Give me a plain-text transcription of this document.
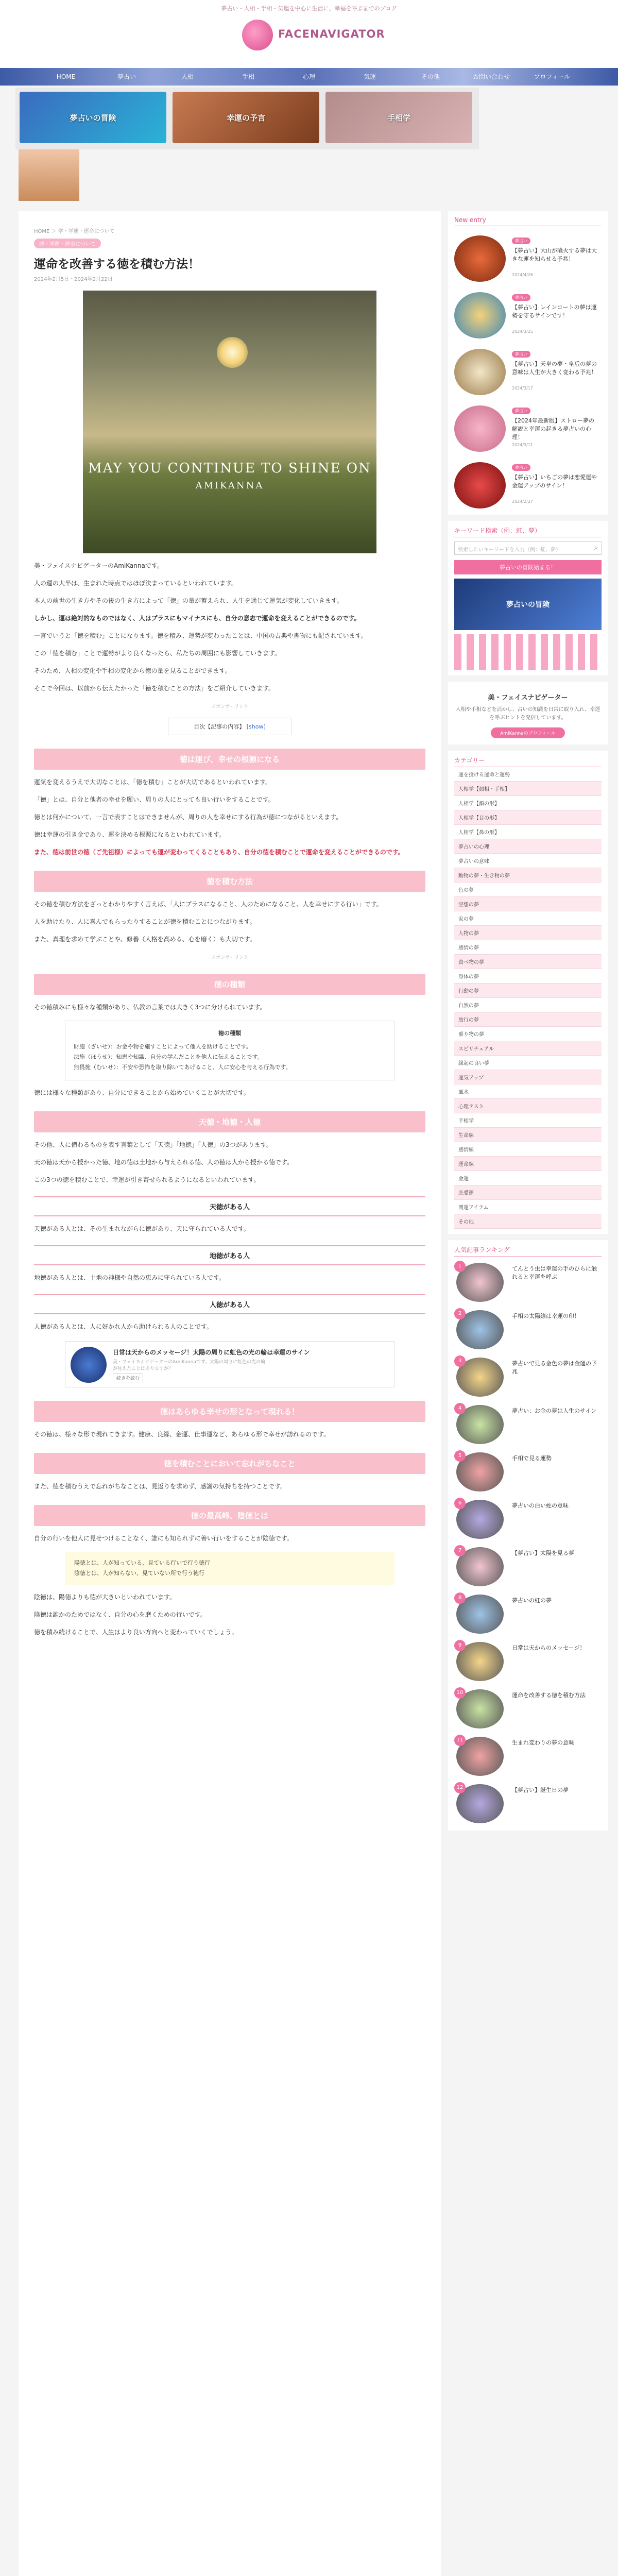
夢占い・人相・手相・気運を中心に生活に、幸福を呼ぶまでのブログ
FACENAVIGATOR
HOME	夢占い	人相	手相	心理	気運	その他	お問い合わせ	プロフィール
夢占いの冒険	幸運の予言	手相学
HOME ＞ 学・学運・運命について
運・学運・運命について
運命を改善する徳を積む方法！
2024年2月5日・2024年2月22日
MAY YOU CONTINUE TO SHINE ON
AMIKANNA
美・フェイスナビゲーターのAmiKannaです。
人の運の大半は、生まれた時点ではほぼ決まっているといわれています。
本人の前世の生き方やその後の生き方によって「徳」の量が蓄えられ、人生を通じて運気が変化していきます。
しかし、運は絶対的なものではなく、人はプラスにもマイナスにも、自分の意志で運命を変えることができるのです。
一言でいうと「徳を積む」ことになります。徳を積み、運勢が変わったことは、中国の古典や書物にも記されています。
この「徳を積む」ことで運勢がより良くなったら、私たちの周囲にも影響していきます。
そのため、人相の変化や手相の変化から徳の量を見ることができます。
そこで今回は、以前から伝えたかった「徳を積むことの方法」をご紹介していきます。
スポンサーリンク
目次【記事の内容】 [show]
徳は運び、幸せの根源になる
運気を変えるうえで大切なことは、「徳を積む」ことが大切であるといわれています。
「徳」とは、自分と他者の幸せを願い、周りの人にとっても良い行いをすることです。
徳とは何かについて、一言で表すことはできませんが、周りの人を幸せにする行為が徳につながるといえます。
徳は幸運の引き金であり、運を決める根源になるといわれています。
また、徳は前世の徳（ご先祖様）によっても運が変わってくることもあり、自分の徳を積むことで運命を変えることができるのです。
徳を積む方法
その徳を積む方法をざっとわかりやすく言えば、「人にプラスになること、人のためになること、人を幸せにする行い」です。
人を助けたり、人に喜んでもらったりすることが徳を積むことにつながります。
また、真理を求めて学ぶことや、修養（人格を高める、心を磨く）も大切です。
スポンサーリンク
徳の種類
その徳積みにも様々な種類があり、仏教の言葉では大きく3つに分けられています。
徳の種類
財施（ざいせ）：お金や物を施すことによって他人を助けることです。
法施（ほうせ）：知恵や知識、自分の学んだことを他人に伝えることです。
無畏施（むいせ）：不安や恐怖を取り除いてあげること、人に安心を与える行為です。
徳には様々な種類があり、自分にできることから始めていくことが大切です。
天徳・地徳・人徳
その他、人に備わるものを表す言葉として「天徳」「地徳」「人徳」の3つがあります。
天の徳は天から授かった徳、地の徳は土地から与えられる徳、人の徳は人から授かる徳です。
この3つの徳を積むことで、幸運が引き寄せられるようになるといわれています。
天徳がある人
天徳がある人とは、その生まれながらに徳があり、天に守られている人です。
地徳がある人
地徳がある人とは、土地の神様や自然の恵みに守られている人です。
人徳がある人
人徳がある人とは、人に好かれ人から助けられる人のことです。
日常は天からのメッセージ！太陽の周りに虹色の光の輪は幸運のサイン
美・フェイスナビゲーターのAmiKannaです。太陽の周りに虹色の光の輪が見えたことはありますか？
続きを読む
徳はあらゆる幸せの形となって現れる！
その徳は、様々な形で現れてきます。健康、良縁、金運、仕事運など、あらゆる形で幸せが訪れるのです。
徳を積むことにおいて忘れがちなこと
また、徳を積むうえで忘れがちなことは、見返りを求めず、感謝の気持ちを持つことです。
徳の最高峰、陰徳とは
自分の行いを他人に見せつけることなく、誰にも知られずに善い行いをすることが陰徳です。
陽徳とは、人が知っている、見ている行いで行う徳行
陰徳とは、人が知らない、見ていない所で行う徳行
陰徳は、陽徳よりも徳が大きいといわれています。
陰徳は誰かのためではなく、自分の心を磨くための行いです。
徳を積み続けることで、人生はより良い方向へと変わっていくでしょう。
New entry
夢占い
【夢占い】大山が噴火する夢は大きな運を知らせる予兆！
2024/4/26
夢占い
【夢占い】レインコートの夢は運勢を守るサインです！
2024/3/25
夢占い
【夢占い】天皇の夢・皇后の夢の意味は人生が大きく変わる予兆！
2024/3/17
夢占い
【2024年最新版】ストロー夢の解説と幸運の起きる夢占いの心理！
2024/3/11
夢占い
【夢占い】いちごの夢は恋愛運や金運アップのサイン！
2024/2/27
キーワード検索（例：虹、夢）
検索したいキーワードを入力（例：虹、夢）	⌕
夢占いの冒険始まる！
夢占いの冒険
美・フェイスナビゲーター
人相や手相などを活かし、占いの知識を日常に取り入れ、幸運を呼ぶヒントを発信しています。
AmiKannaのプロフィール
カテゴリー
運を授ける運命と運勢
人相学【顔相・手相】
人相学【顔の形】
人相学【目の形】
人相学【鼻の形】
夢占いの心理
夢占いの意味
動物の夢・生き物の夢
色の夢
空想の夢
家の夢
人物の夢
感情の夢
食べ物の夢
身体の夢
行動の夢
自然の夢
旅行の夢
乗り物の夢
スピリチュアル
縁起の良い夢
運気アップ
風水
心理テスト
手相学
生命線
感情線
運命線
金運
恋愛運
開運アイテム
その他
人気記事ランキング
1	てんとう虫は幸運の手のひらに触れると幸運を呼ぶ
2	手相の太陽線は幸運の印！
3	夢占いで見る金色の夢は金運の予兆
4	夢占い：お金の夢は人生のサイン
5	手相で見る運勢
6	夢占いの白い蛇の意味
7	【夢占い】太陽を見る夢
8	夢占いの虹の夢
9	日常は天からのメッセージ！
10	運命を改善する徳を積む方法
11	生まれ変わりの夢の意味
12	【夢占い】誕生日の夢
